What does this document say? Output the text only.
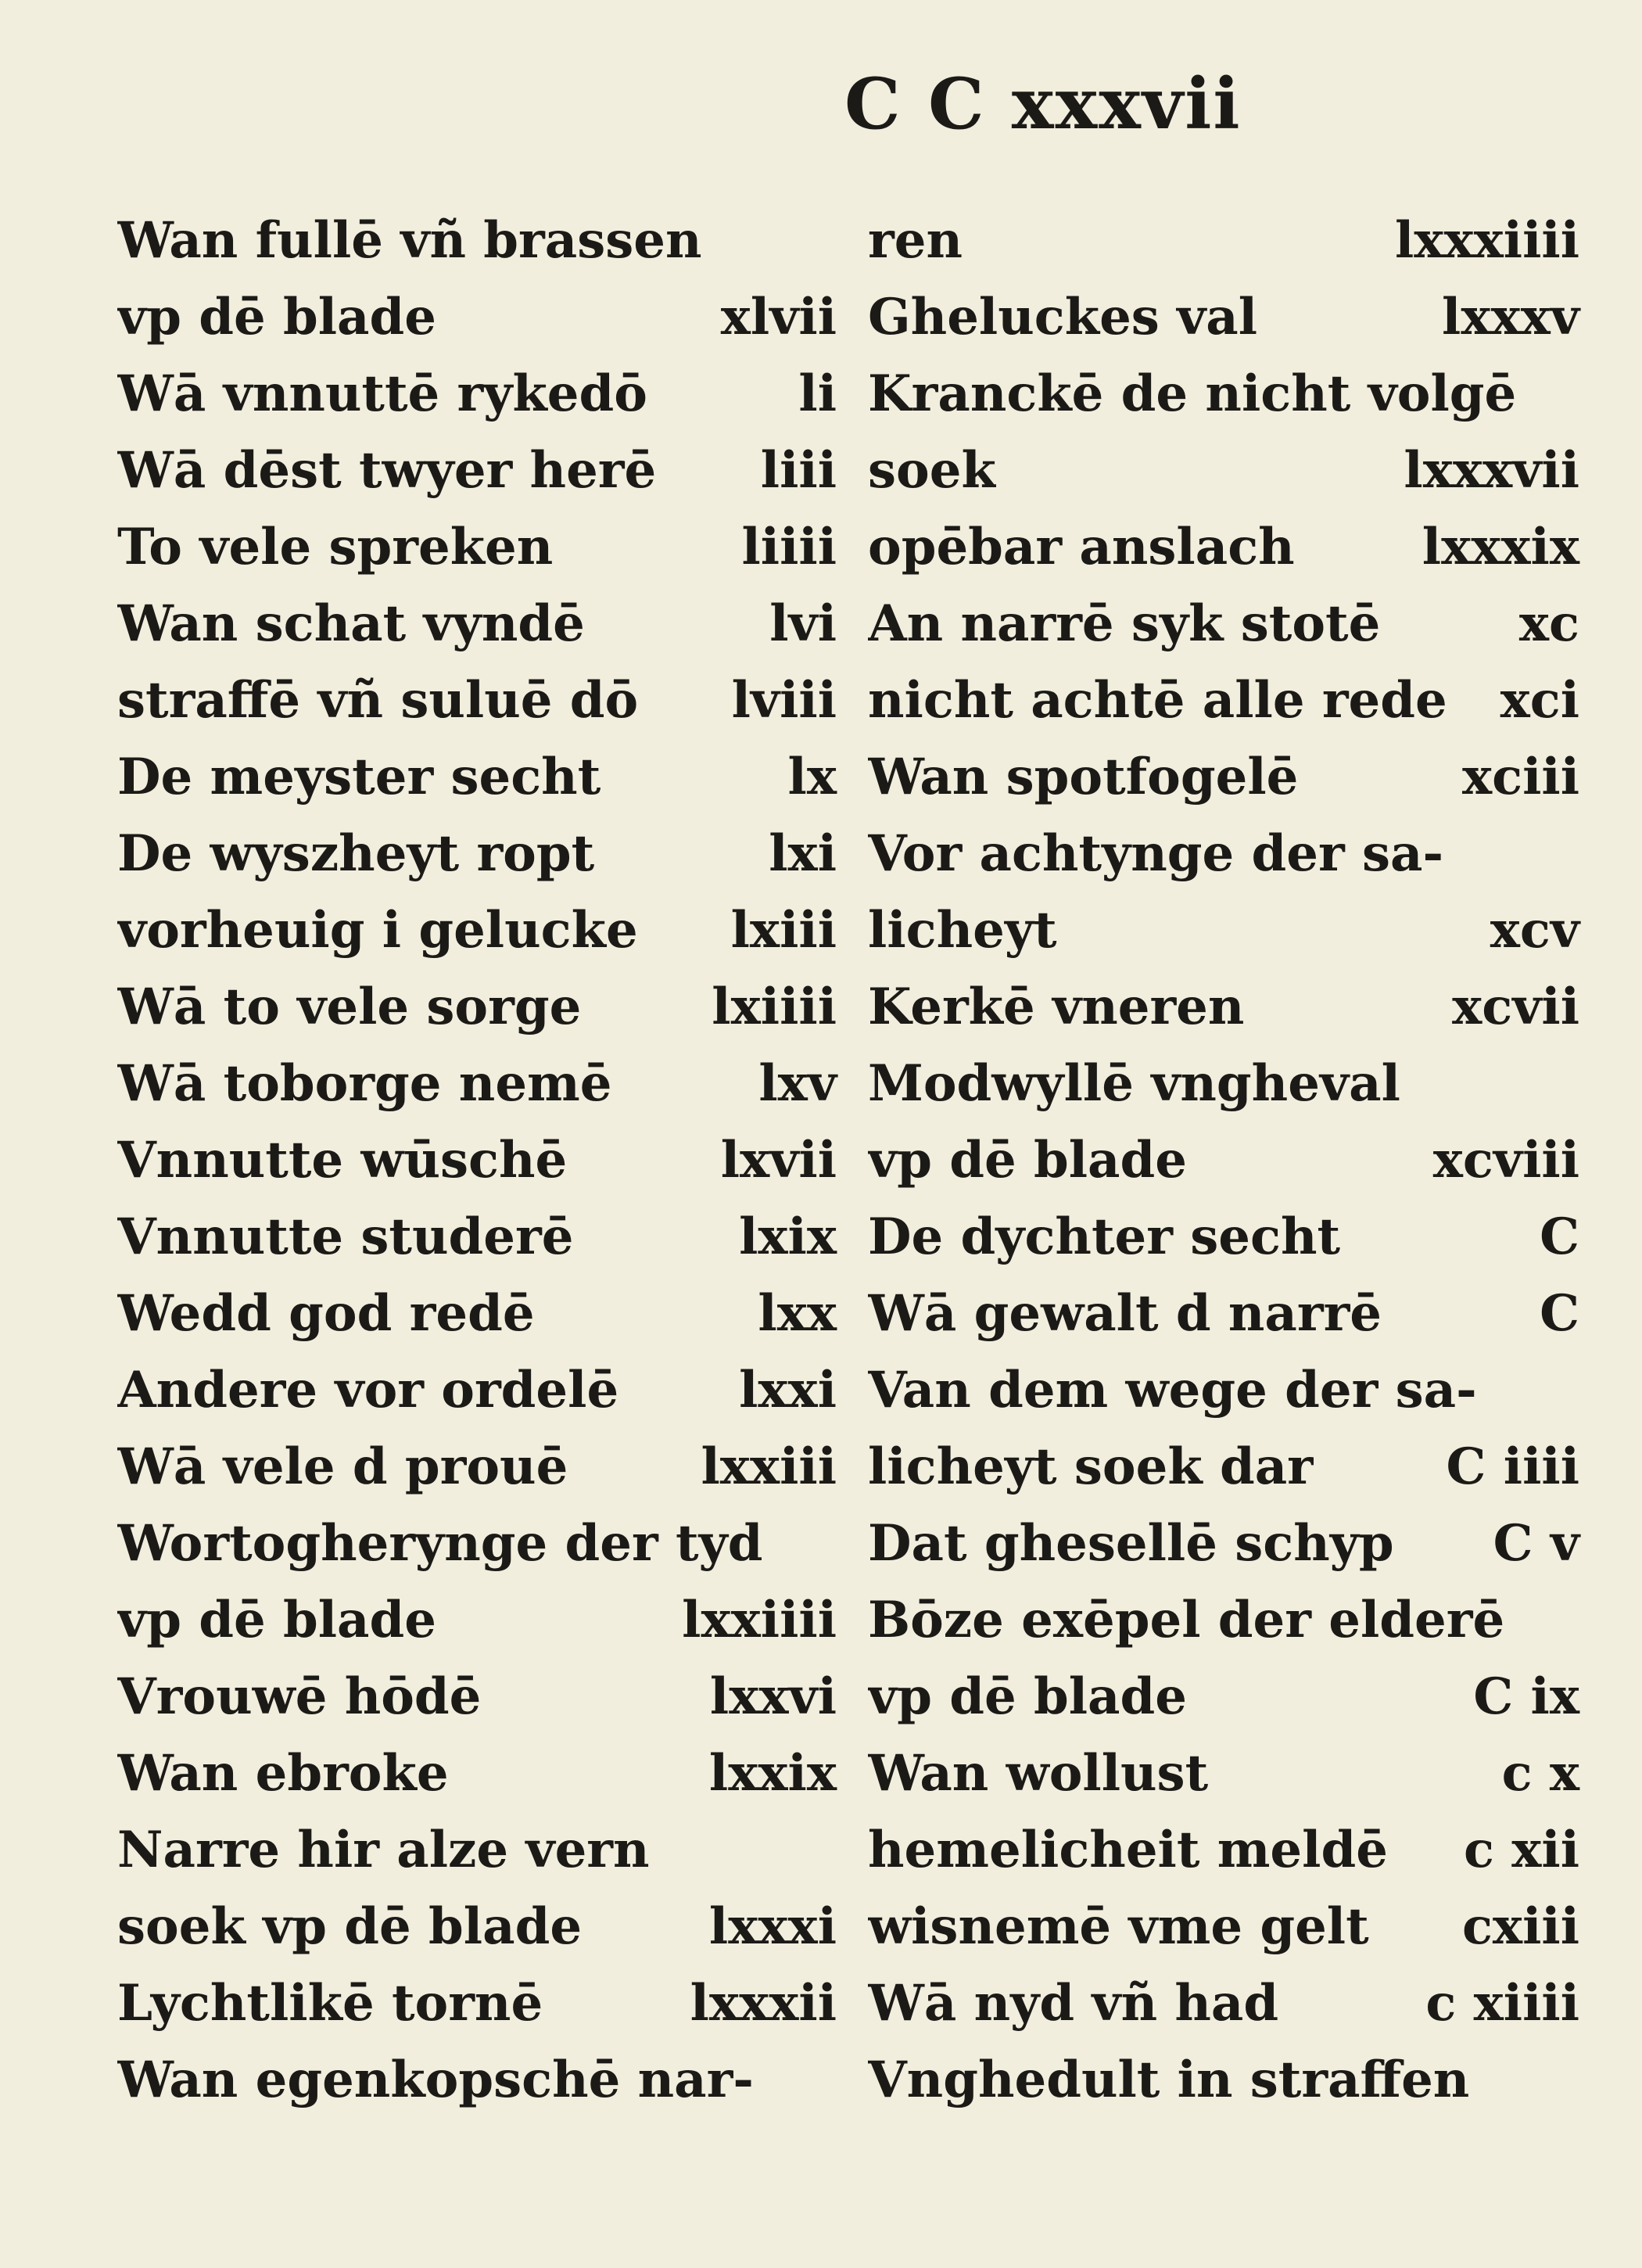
C C xxxvii
Wan fullē vñ brassen
vp dē blade	xlvii
Wā vnnuttē rykedō	li
Wā dēst twyer herē	liii
To vele spreken	liiii
Wan schat vyndē	lvi
straffē vñ suluē dō	lviii
De meyster secht	lx
De wyszheyt ropt	lxi
vorheuig i gelucke	lxiii
Wā to vele sorge	lxiiii
Wā toborge nemē	lxv
Vnnutte wūschē	lxvii
Vnnutte studerē	lxix
Wedd god redē	lxx
Andere vor ordelē	lxxi
Wā vele d prouē	lxxiii
Wortogherynge der tyd
vp dē blade	lxxiiii
Vrouwē hōdē	lxxvi
Wan ebroke	lxxix
Narre hir alze vern
soek vp dē blade	lxxxi
Lychtlikē tornē	lxxxii
Wan egenkopschē nar-
ren	lxxxiiii
Ghelu‌ckes val	lxxxv
Kranckē de nicht volgē
soek	lxxxvii
opēbar anslach	lxxxix
An narrē syk stotē	xc
nicht achtē alle rede	xci
Wan spotfogelē	xciii
Vor achtynge der sa-
licheyt	xcv
Kerkē vneren	xcvii
Modwyllē vngheval
vp dē blade	xcviii
De dychter secht	C
Wā gewalt d narrē	C
Van dem wege der sa-
licheyt soek dar	C iiii
Dat ghesellē schyp	C v
Bōze exēpel der elderē
vp dē blade	C ix
Wan wollust	c x
hemelicheit meldē	c xii
wisnemē vme gelt	cxiii
Wā nyd vñ had	c xiiii
Vnghedult in straffen
